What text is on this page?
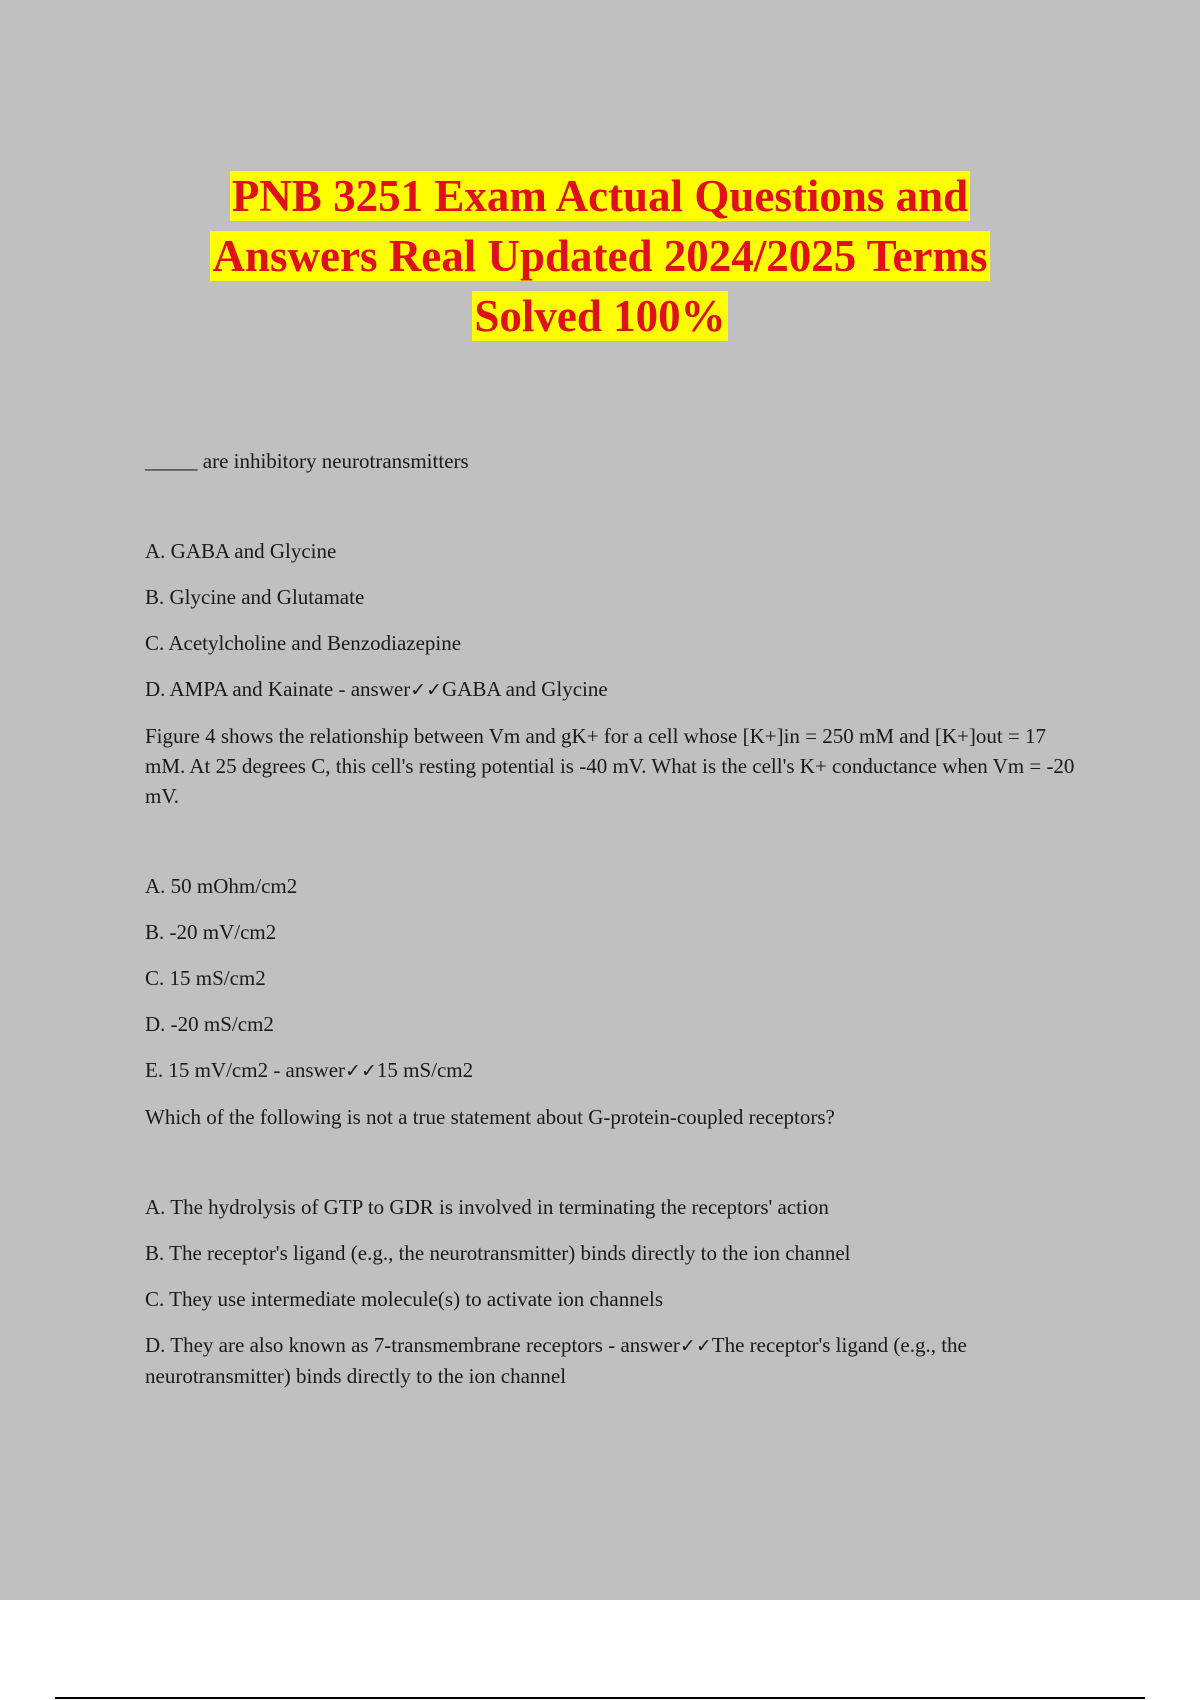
PNB 3251 Exam Actual Questions and
Answers Real Updated 2024/2025 Terms
Solved 100%

_____ are inhibitory neurotransmitters

A. GABA and Glycine

B. Glycine and Glutamate

C. Acetylcholine and Benzodiazepine

D. AMPA and Kainate - answer✓✓GABA and Glycine

Figure 4 shows the relationship between Vm and gK+ for a cell whose [K+]in = 250 mM and [K+]out = 17 mM. At 25 degrees C, this cell's resting potential is -40 mV. What is the cell's K+ conductance when Vm = -20 mV.

A. 50 mOhm/cm2

B. -20 mV/cm2

C. 15 mS/cm2

D. -20 mS/cm2

E. 15 mV/cm2 - answer✓✓15 mS/cm2

Which of the following is not a true statement about G-protein-coupled receptors?

A. The hydrolysis of GTP to GDR is involved in terminating the receptors' action

B. The receptor's ligand (e.g., the neurotransmitter) binds directly to the ion channel

C. They use intermediate molecule(s) to activate ion channels

D. They are also known as 7-transmembrane receptors - answer✓✓The receptor's ligand (e.g., the neurotransmitter) binds directly to the ion channel
